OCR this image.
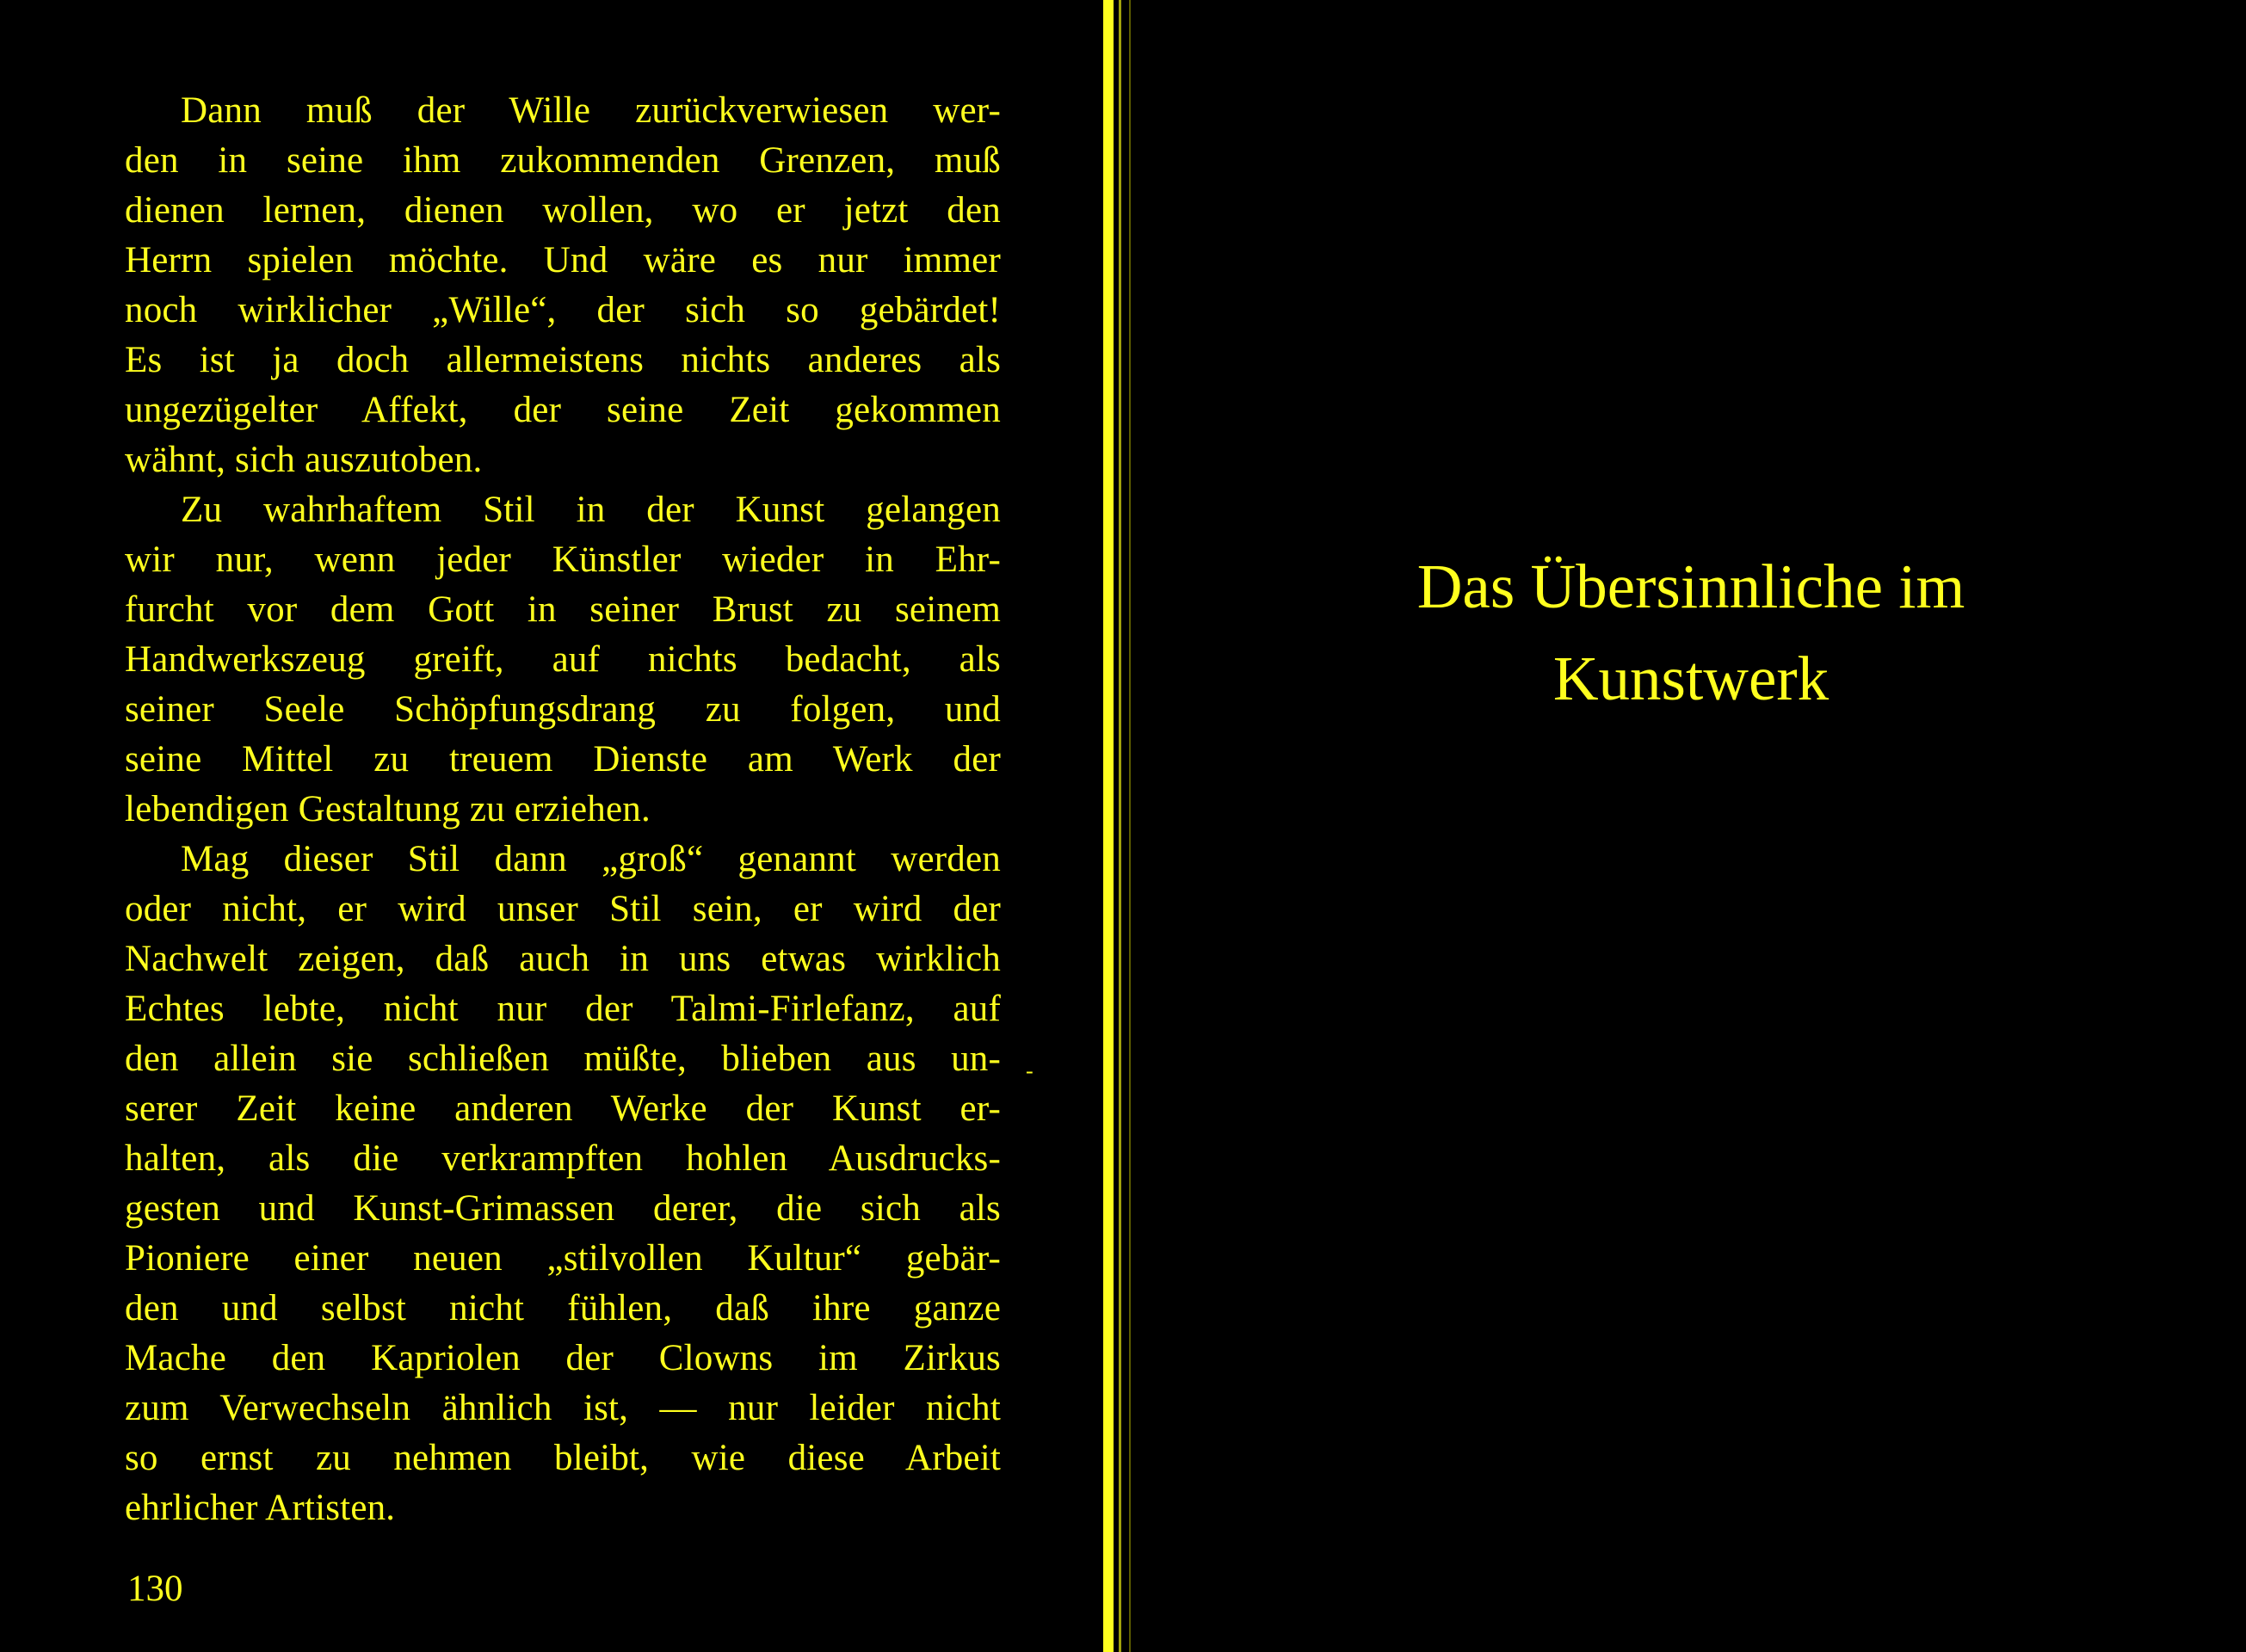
Dann muß der Wille zurückverwiesen wer-
den in seine ihm zukommenden Grenzen, muß
dienen lernen, dienen wollen, wo er jetzt den
Herrn spielen möchte. Und wäre es nur immer
noch wirklicher „Wille“, der sich so gebärdet!
Es ist ja doch allermeistens nichts anderes als
ungezügelter Affekt, der seine Zeit gekommen
wähnt, sich auszutoben.
Zu wahrhaftem Stil in der Kunst gelangen
wir nur, wenn jeder Künstler wieder in Ehr-
furcht vor dem Gott in seiner Brust zu seinem
Handwerkszeug greift, auf nichts bedacht, als
seiner Seele Schöpfungsdrang zu folgen, und
seine Mittel zu treuem Dienste am Werk der
lebendigen Gestaltung zu erziehen.
Mag dieser Stil dann „groß“ genannt werden
oder nicht, er wird unser Stil sein, er wird der
Nachwelt zeigen, daß auch in uns etwas wirklich
Echtes lebte, nicht nur der Talmi-Firlefanz, auf
den allein sie schließen müßte, blieben aus un-
serer Zeit keine anderen Werke der Kunst er-
halten, als die verkrampften hohlen Ausdrucks-
gesten und Kunst-Grimassen derer, die sich als
Pioniere einer neuen „stilvollen Kultur“ gebär-
den und selbst nicht fühlen, daß ihre ganze
Mache den Kapriolen der Clowns im Zirkus
zum Verwechseln ähnlich ist, — nur leider nicht
so ernst zu nehmen bleibt, wie diese Arbeit
ehrlicher Artisten.
130
-
Das Übersinnliche im
Kunstwerk
